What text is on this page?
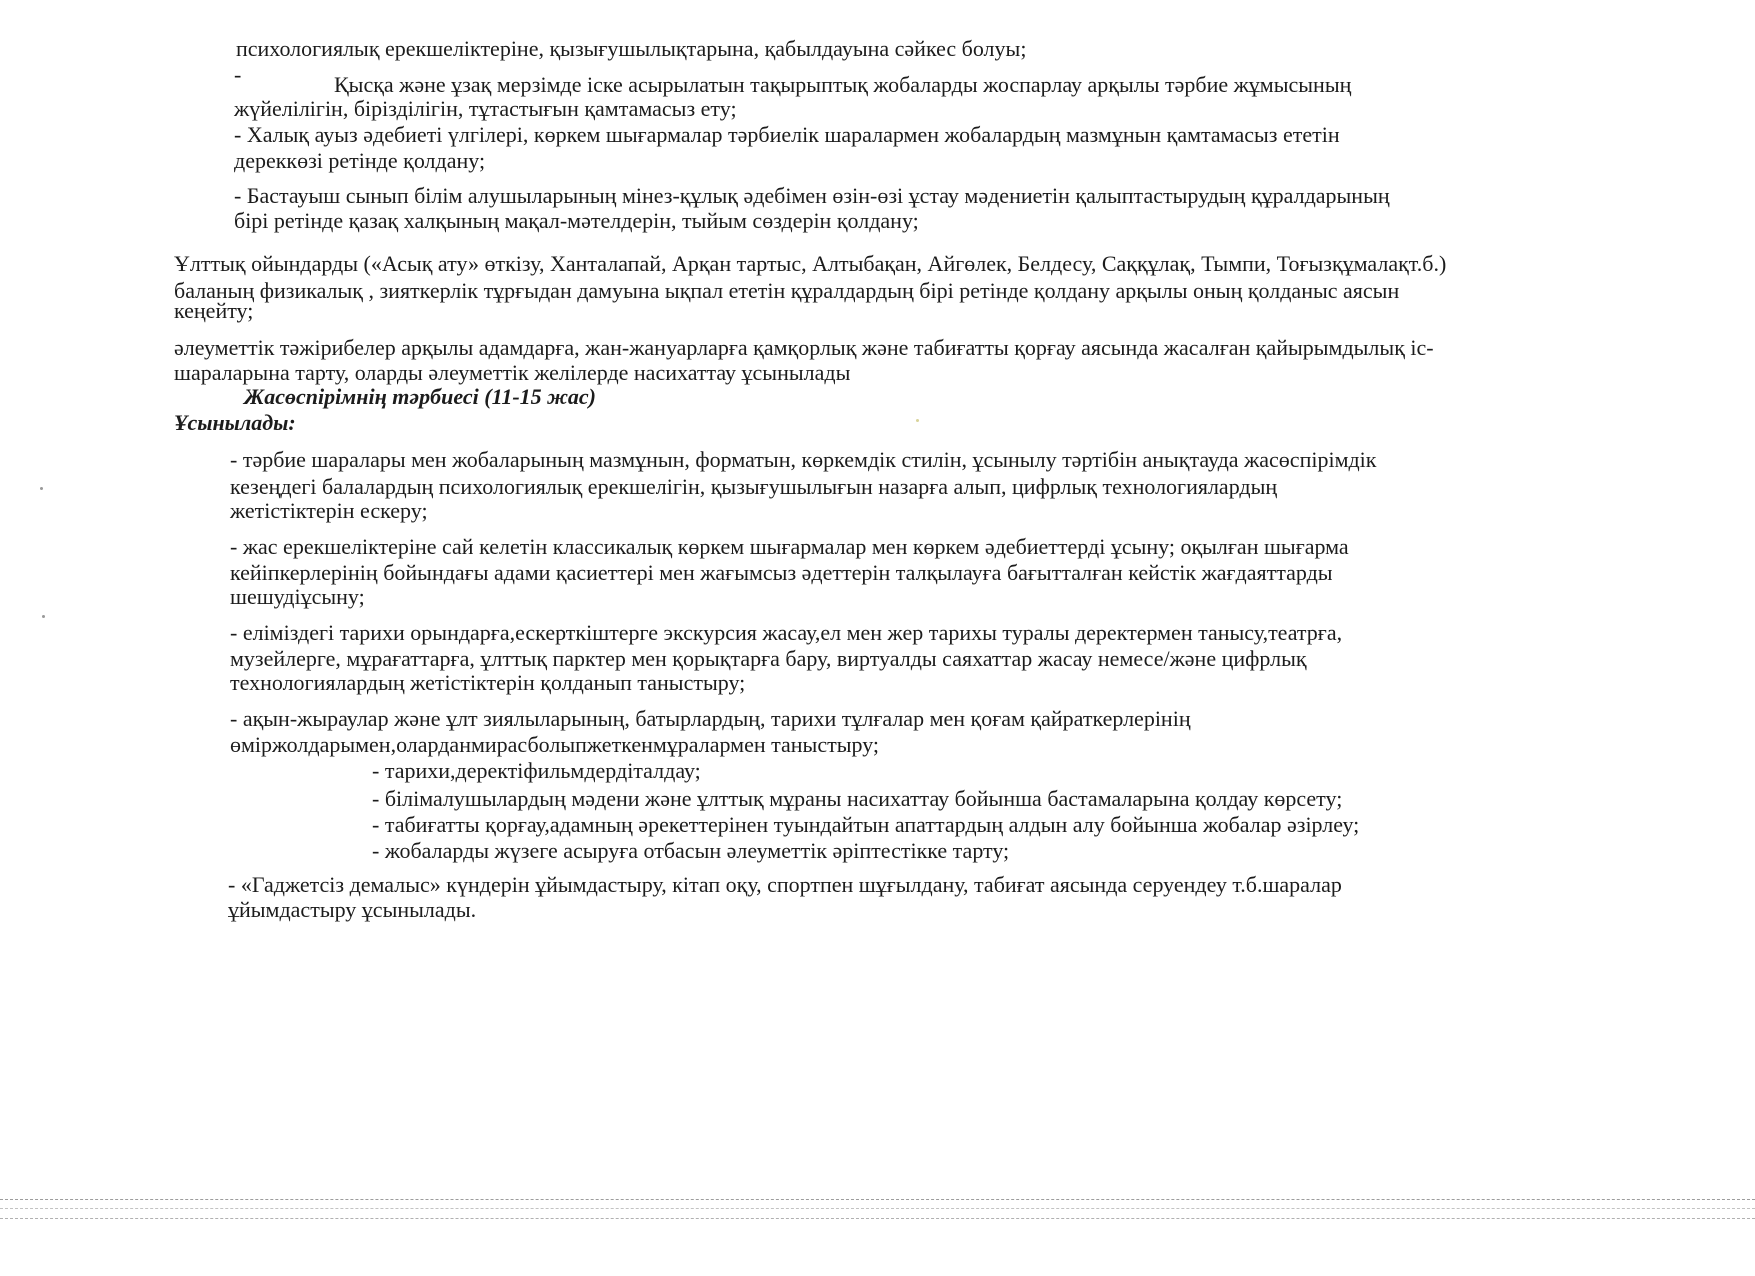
психологиялық ерекшеліктеріне, қызығушылықтарына, қабылдауына сәйкес болуы;
-	Қысқа және ұзақ мерзімде іске асырылатын тақырыптық жобаларды жоспарлау арқылы тәрбие жұмысының
жүйелілігін, бірізділігін, тұтастығын қамтамасыз ету;
- Халық ауыз әдебиеті үлгілері, көркем шығармалар тәрбиелік шаралармен жобалардың мазмұнын қамтамасыз ететін
дереккөзі ретінде қолдану;
- Бастауыш сынып білім алушыларының мінез-құлық әдебімен өзін-өзі ұстау мәдениетін қалыптастырудың құралдарының
бірі ретінде қазақ халқының мақал-мәтелдерін, тыйым сөздерін қолдану;
Ұлттық ойындарды («Асық ату» өткізу, Ханталапай, Арқан тартыс, Алтыбақан, Айгөлек, Белдесу, Саққұлақ, Тымпи, Тоғызқұмалақт.б.)
баланың физикалық , зияткерлік тұрғыдан дамуына ықпал ететін құралдардың бірі ретінде қолдану арқылы оның қолданыс аясын
кеңейту;
әлеуметтік тәжірибелер арқылы адамдарға, жан-жануарларға қамқорлық және табиғатты қорғау аясында жасалған қайырымдылық іс-
шараларына тарту, оларды әлеуметтік желілерде насихаттау ұсынылады
Жасөспірімнің тәрбиесі (11-15 жас)
Ұсынылады:
- тәрбие шаралары мен жобаларының мазмұнын, форматын, көркемдік стилін, ұсынылу тәртібін анықтауда жасөспірімдік
кезеңдегі балалардың психологиялық ерекшелігін, қызығушылығын назарға алып, цифрлық технологиялардың
жетістіктерін ескеру;
- жас ерекшеліктеріне сай келетін классикалық көркем шығармалар мен көркем әдебиеттерді ұсыну; оқылған шығарма
кейіпкерлерінің бойындағы адами қасиеттері мен жағымсыз әдеттерін талқылауға бағытталған кейстік жағдаяттарды
шешудіұсыну;
- еліміздегі тарихи орындарға,ескерткіштерге экскурсия жасау,ел мен жер тарихы туралы деректермен танысу,театрға,
музейлерге, мұрағаттарға, ұлттық парктер мен қорықтарға бару, виртуалды саяхаттар жасау немесе/және цифрлық
технологиялардың жетістіктерін қолданып таныстыру;
- ақын-жыраулар және ұлт зиялыларының, батырлардың, тарихи тұлғалар мен қоғам қайраткерлерінің
өміржолдарымен,оларданмирасболыпжеткенмұралармен таныстыру;
- тарихи,деректіфильмдердіталдау;
- білімалушылардың мәдени және ұлттық мұраны насихаттау бойынша бастамаларына қолдау көрсету;
- табиғатты қорғау,адамның әрекеттерінен туындайтын апаттардың алдын алу бойынша жобалар әзірлеу;
- жобаларды жүзеге асыруға отбасын әлеуметтік әріптестікке тарту;
- «Гаджетсіз демалыс» күндерін ұйымдастыру, кітап оқу, спортпен шұғылдану, табиғат аясында серуендеу т.б.шаралар
ұйымдастыру ұсынылады.
